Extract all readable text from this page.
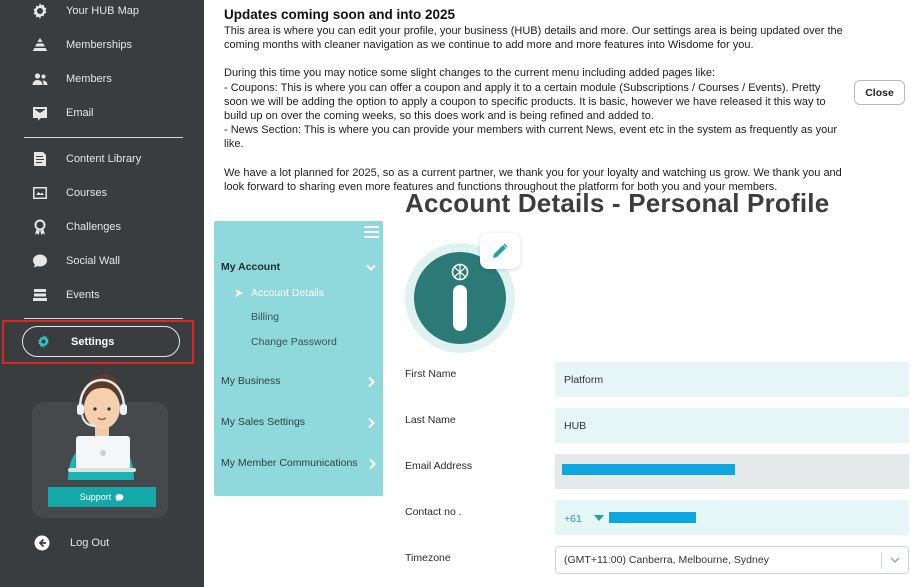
Your HUB Map
Memberships
Members
Email
Content Library
Courses
Challenges
Social Wall
Events
Settings
Support
Log Out
Updates coming soon and into 2025

This area is where you can edit your profile, your business (HUB) details and more. Our settings area is being updated over the coming months with cleaner navigation as we continue to add more and more features into Wisdome for you.

During this time you may notice some slight changes to the current menu including added pages like:

- Coupons: This is where you can offer a coupon and apply it to a certain module (Subscriptions / Courses / Events). Pretty soon we will be adding the option to apply a coupon to specific products. It is basic, however we have released it this way to build up on over the coming weeks, so this does work and is being refined and added to.

- News Section: This is where you can provide your members with current News, event etc in the system as frequently as your like.

We have a lot planned for 2025, so as a current partner, we thank you for your loyalty and watching us grow. We thank you and look forward to sharing even more features and functions throughout the platform for both you and your members.

Close
My Account
Account Details
Billing
Change Password
My Business
My Sales Settings
My Member Communications
Account Details - Personal Profile
First Name
Platform
Last Name
HUB
Email Address
Contact no .
+61
Timezone	(GMT+11:00) Canberra, Melbourne, Sydney
